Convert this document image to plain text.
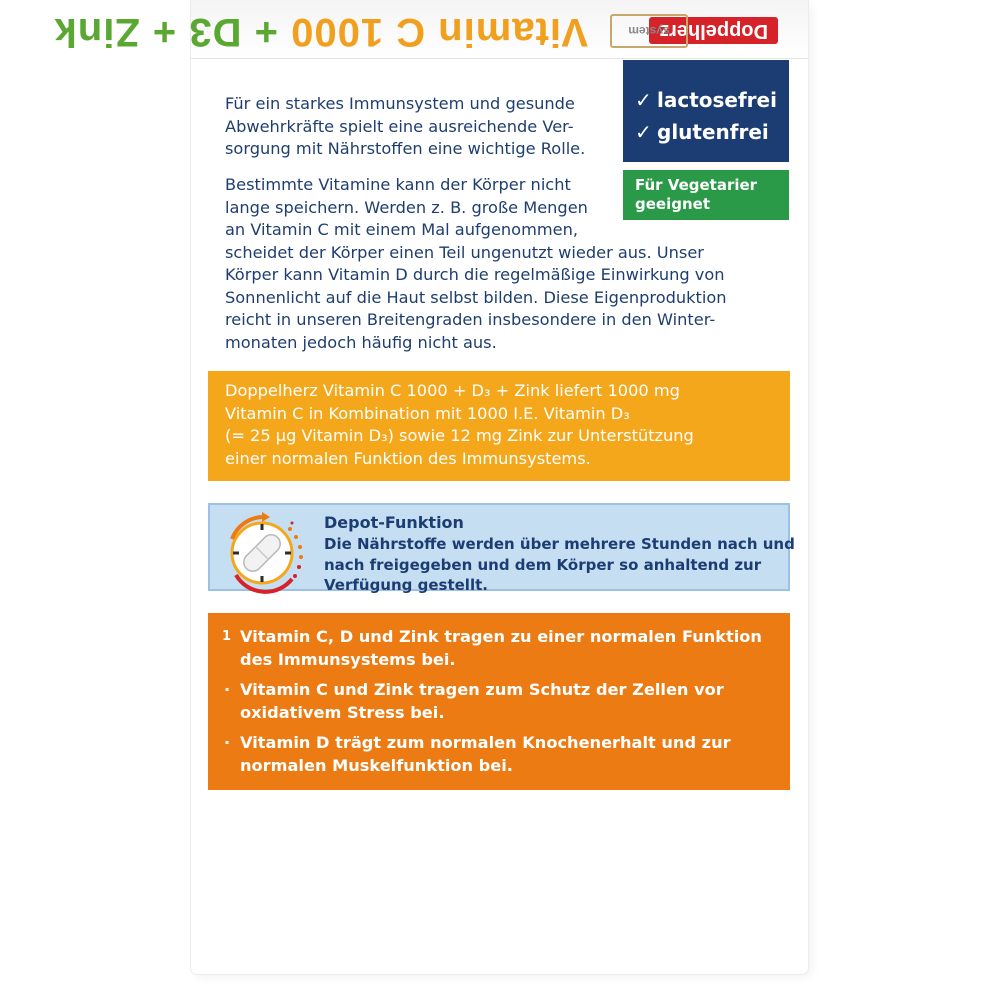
Doppelherz
system
Vitamin C 1000 + D3 + Zink

Für ein starkes Immunsystem und gesunde
Abwehrkräfte spielt eine ausreichende Ver-
sorgung mit Nährstoffen eine wichtige Rolle.

Bestimmte Vitamine kann der Körper nicht
lange speichern. Werden z. B. große Mengen
an Vitamin C mit einem Mal aufgenommen,
scheidet der Körper einen Teil ungenutzt wieder aus. Unser
Körper kann Vitamin D durch die regelmäßige Einwirkung von
Sonnenlicht auf die Haut selbst bilden. Diese Eigenproduktion
reicht in unseren Breitengraden insbesondere in den Winter-
monaten jedoch häufig nicht aus.

✓ lactosefrei
✓ glutenfrei
Für Vegetarier
geeignet
Doppelherz Vitamin C 1000 + D₃ + Zink liefert 1000 mg
Vitamin C in Kombination mit 1000 I.E. Vitamin D₃
(= 25 µg Vitamin D₃) sowie 12 mg Zink zur Unterstützung
einer normalen Funktion des Immunsystems.
Depot-Funktion
Die Nährstoffe werden über mehrere Stunden nach und
nach freigegeben und dem Körper so anhaltend zur
Verfügung gestellt.
1 Vitamin C, D und Zink tragen zu einer normalen Funktion
des Immunsystems bei.
· Vitamin C und Zink tragen zum Schutz der Zellen vor
oxidativem Stress bei.
· Vitamin D trägt zum normalen Knochenerhalt und zur
normalen Muskelfunktion bei.
